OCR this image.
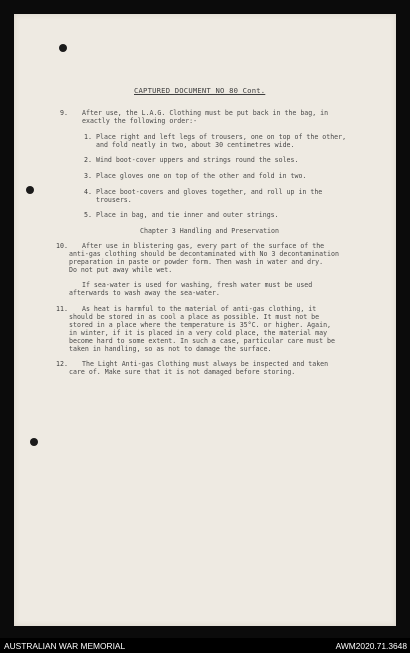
CAPTURED DOCUMENT NO 80 Cont.
9. After use, the L.A.G. Clothing must be put back in the bag, in
exactly the following order:-
1. Place right and left legs of trousers, one on top of the other,
and fold neatly in two, about 30 centimetres wide.
2. Wind boot-cover uppers and strings round the soles.
3. Place gloves one on top of the other and fold in two.
4. Place boot-covers and gloves together, and roll up in the
trousers.
5. Place in bag, and tie inner and outer strings.
Chapter 3 Handling and Preservation
10. After use in blistering gas, every part of the surface of the
anti-gas clothing should be decontaminated with No 3 decontamination
preparation in paste or powder form. Then wash in water and dry.
Do not put away while wet.
If sea-water is used for washing, fresh water must be used
afterwards to wash away the sea-water.
11. As heat is harmful to the material of anti-gas clothing, it
should be stored in as cool a place as possible. It must not be
stored in a place where the temperature is 35°C. or higher. Again,
in winter, if it is placed in a very cold place, the material may
become hard to some extent. In such a case, particular care must be
taken in handling, so as not to damage the surface.
12. The Light Anti-gas Clothing must always be inspected and taken
care of. Make sure that it is not damaged before storing.
AUSTRALIAN WAR MEMORIAL	AWM2020.71.3648
